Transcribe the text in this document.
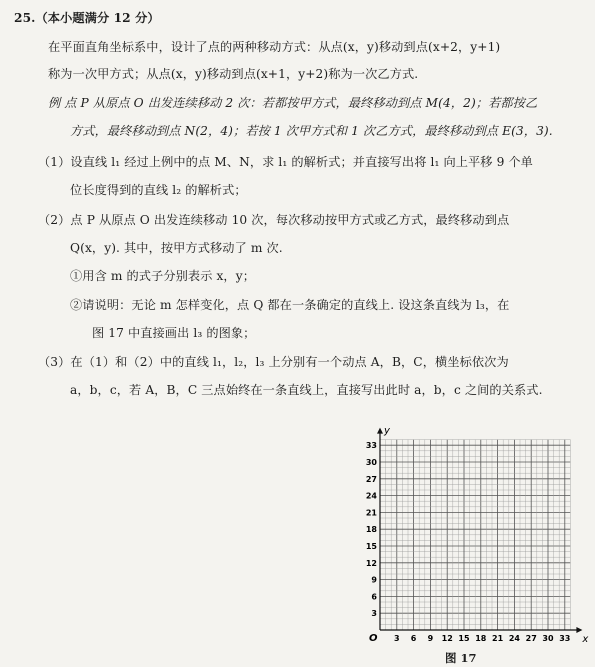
25.（本小题满分 12 分）
在平面直角坐标系中，设计了点的两种移动方式：从点(x，y)移动到点(x+2，y+1)
称为一次甲方式；从点(x，y)移动到点(x+1，y+2)称为一次乙方式.
例 点 P 从原点 O 出发连续移动 2 次：若都按甲方式，最终移动到点 M(4，2)；若都按乙
方式，最终移动到点 N(2，4)；若按 1 次甲方式和 1 次乙方式，最终移动到点 E(3，3).
（1）设直线 l₁ 经过上例中的点 M、N，求 l₁ 的解析式；并直接写出将 l₁ 向上平移 9 个单
位长度得到的直线 l₂ 的解析式；
（2）点 P 从原点 O 出发连续移动 10 次，每次移动按甲方式或乙方式，最终移动到点
Q(x，y). 其中，按甲方式移动了 m 次.
①用含 m 的式子分别表示 x，y；
②请说明：无论 m 怎样变化，点 Q 都在一条确定的直线上. 设这条直线为 l₃，在
图 17 中直接画出 l₃ 的图象；
（3）在（1）和（2）中的直线 l₁，l₂，l₃ 上分别有一个动点 A，B，C，横坐标依次为
a，b，c，若 A，B，C 三点始终在一条直线上，直接写出此时 a，b，c 之间的关系式.
3
3
6
6
9
9
12
12
15
15
18
18
21
21
24
24
27
27
30
30
33
33
y
x
O
图 17
